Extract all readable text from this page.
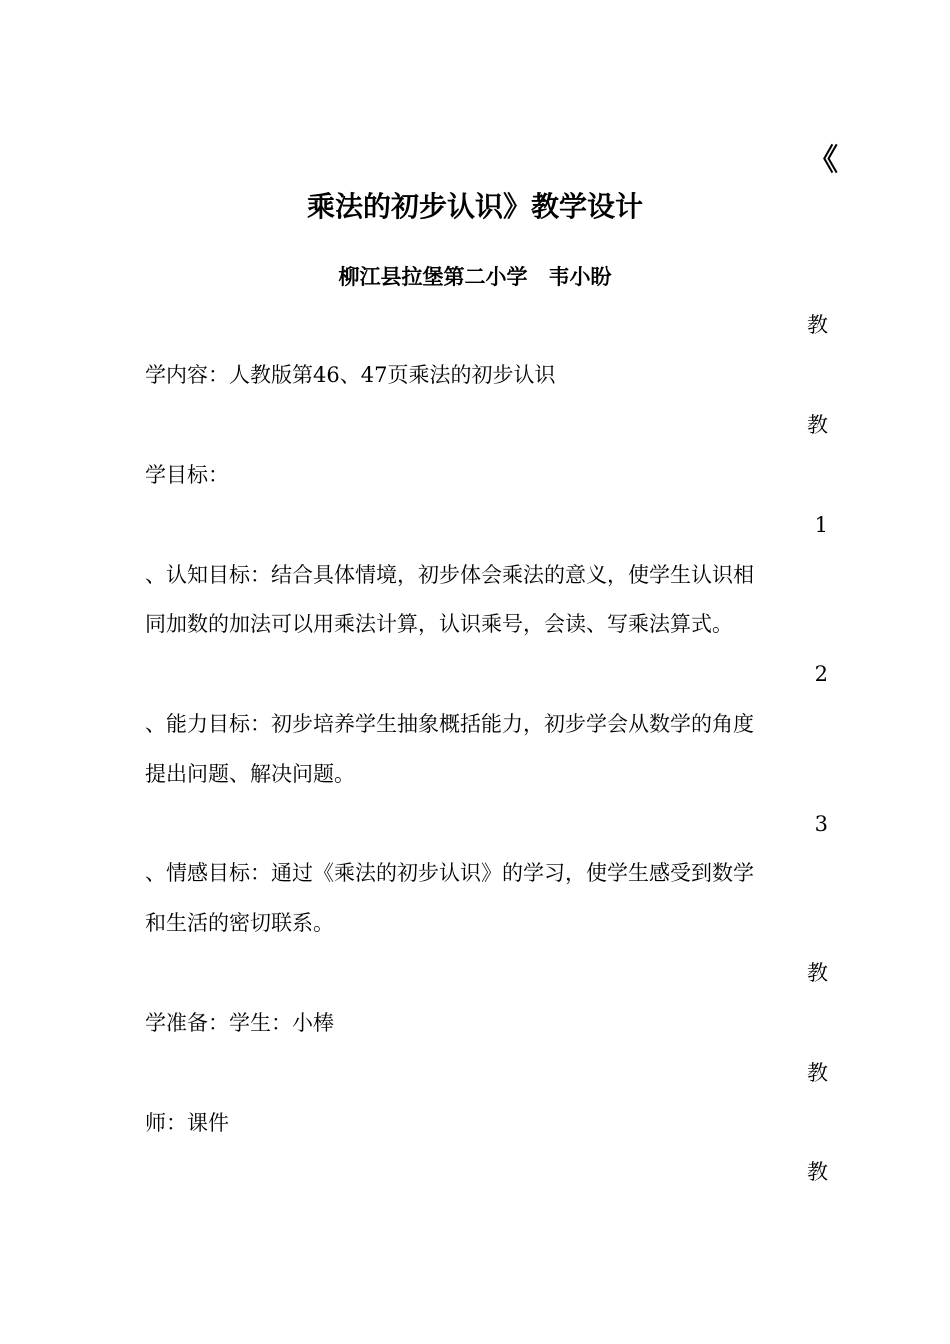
《
乘法的初步认识》教学设计
柳江县拉堡第二小学　韦小盼
教
学内容：人教版第46、47页乘法的初步认识
教
学目标：
1
、认知目标：结合具体情境，初步体会乘法的意义，使学生认识相
同加数的加法可以用乘法计算，认识乘号，会读、写乘法算式。
2
、能力目标：初步培养学生抽象概括能力，初步学会从数学的角度
提出问题、解决问题。
3
、情感目标：通过《乘法的初步认识》的学习，使学生感受到数学
和生活的密切联系。
教
学准备：学生：小棒
教
师：课件
教
